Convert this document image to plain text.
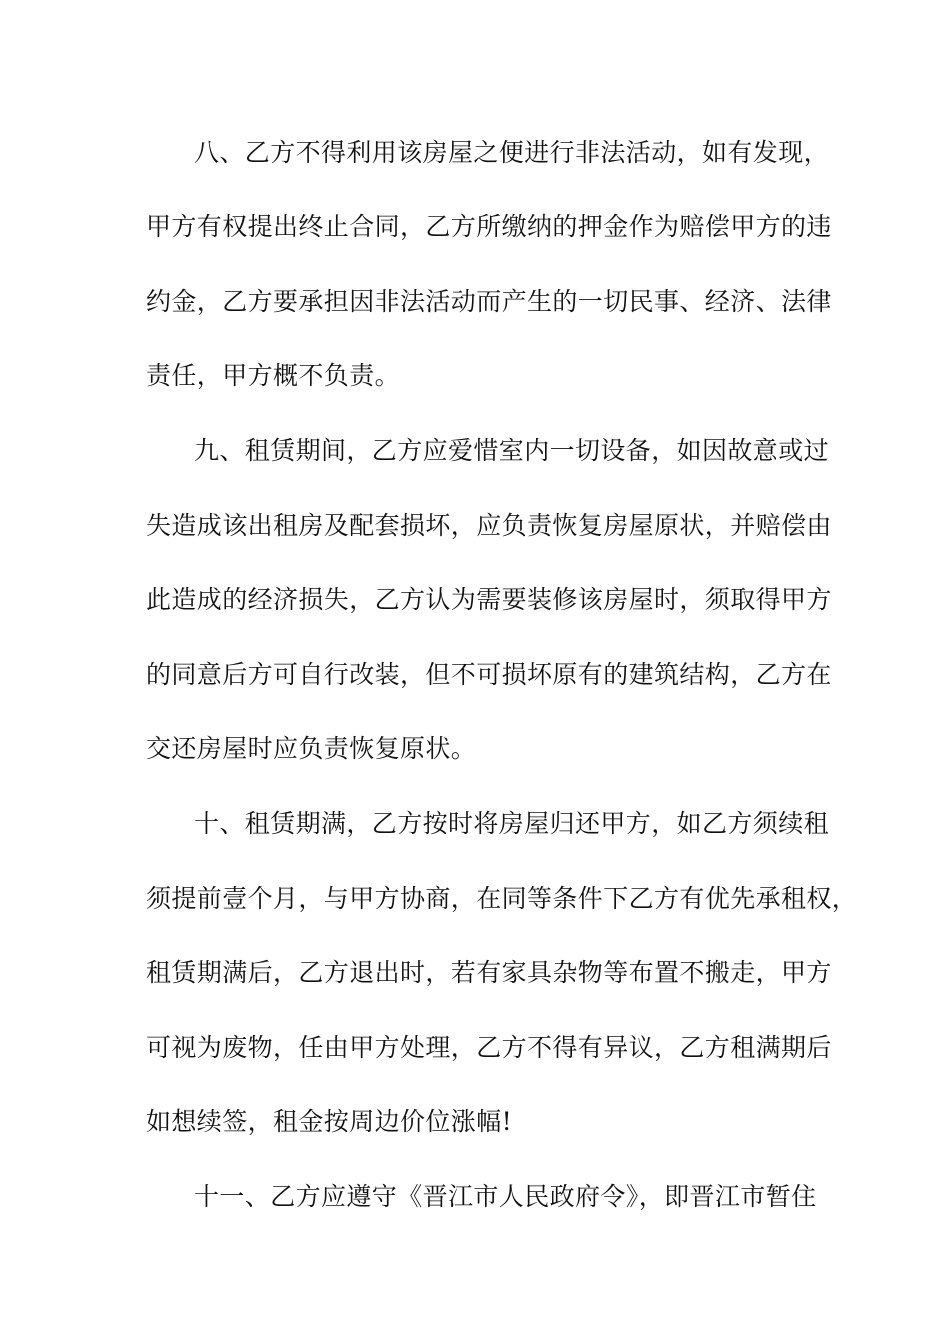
八、乙方不得利用该房屋之便进行非法活动，如有发现，
甲方有权提出终止合同，乙方所缴纳的押金作为赔偿甲方的违
约金，乙方要承担因非法活动而产生的一切民事、经济、法律
责任，甲方概不负责。
九、租赁期间，乙方应爱惜室内一切设备，如因故意或过
失造成该出租房及配套损坏，应负责恢复房屋原状，并赔偿由
此造成的经济损失，乙方认为需要装修该房屋时，须取得甲方
的同意后方可自行改装，但不可损坏原有的建筑结构，乙方在
交还房屋时应负责恢复原状。
十、租赁期满，乙方按时将房屋归还甲方，如乙方须续租
须提前壹个月，与甲方协商，在同等条件下乙方有优先承租权，
租赁期满后，乙方退出时，若有家具杂物等布置不搬走，甲方
可视为废物，任由甲方处理，乙方不得有异议，乙方租满期后
如想续签，租金按周边价位涨幅!
十一、乙方应遵守《晋江市人民政府令》，即晋江市暂住
